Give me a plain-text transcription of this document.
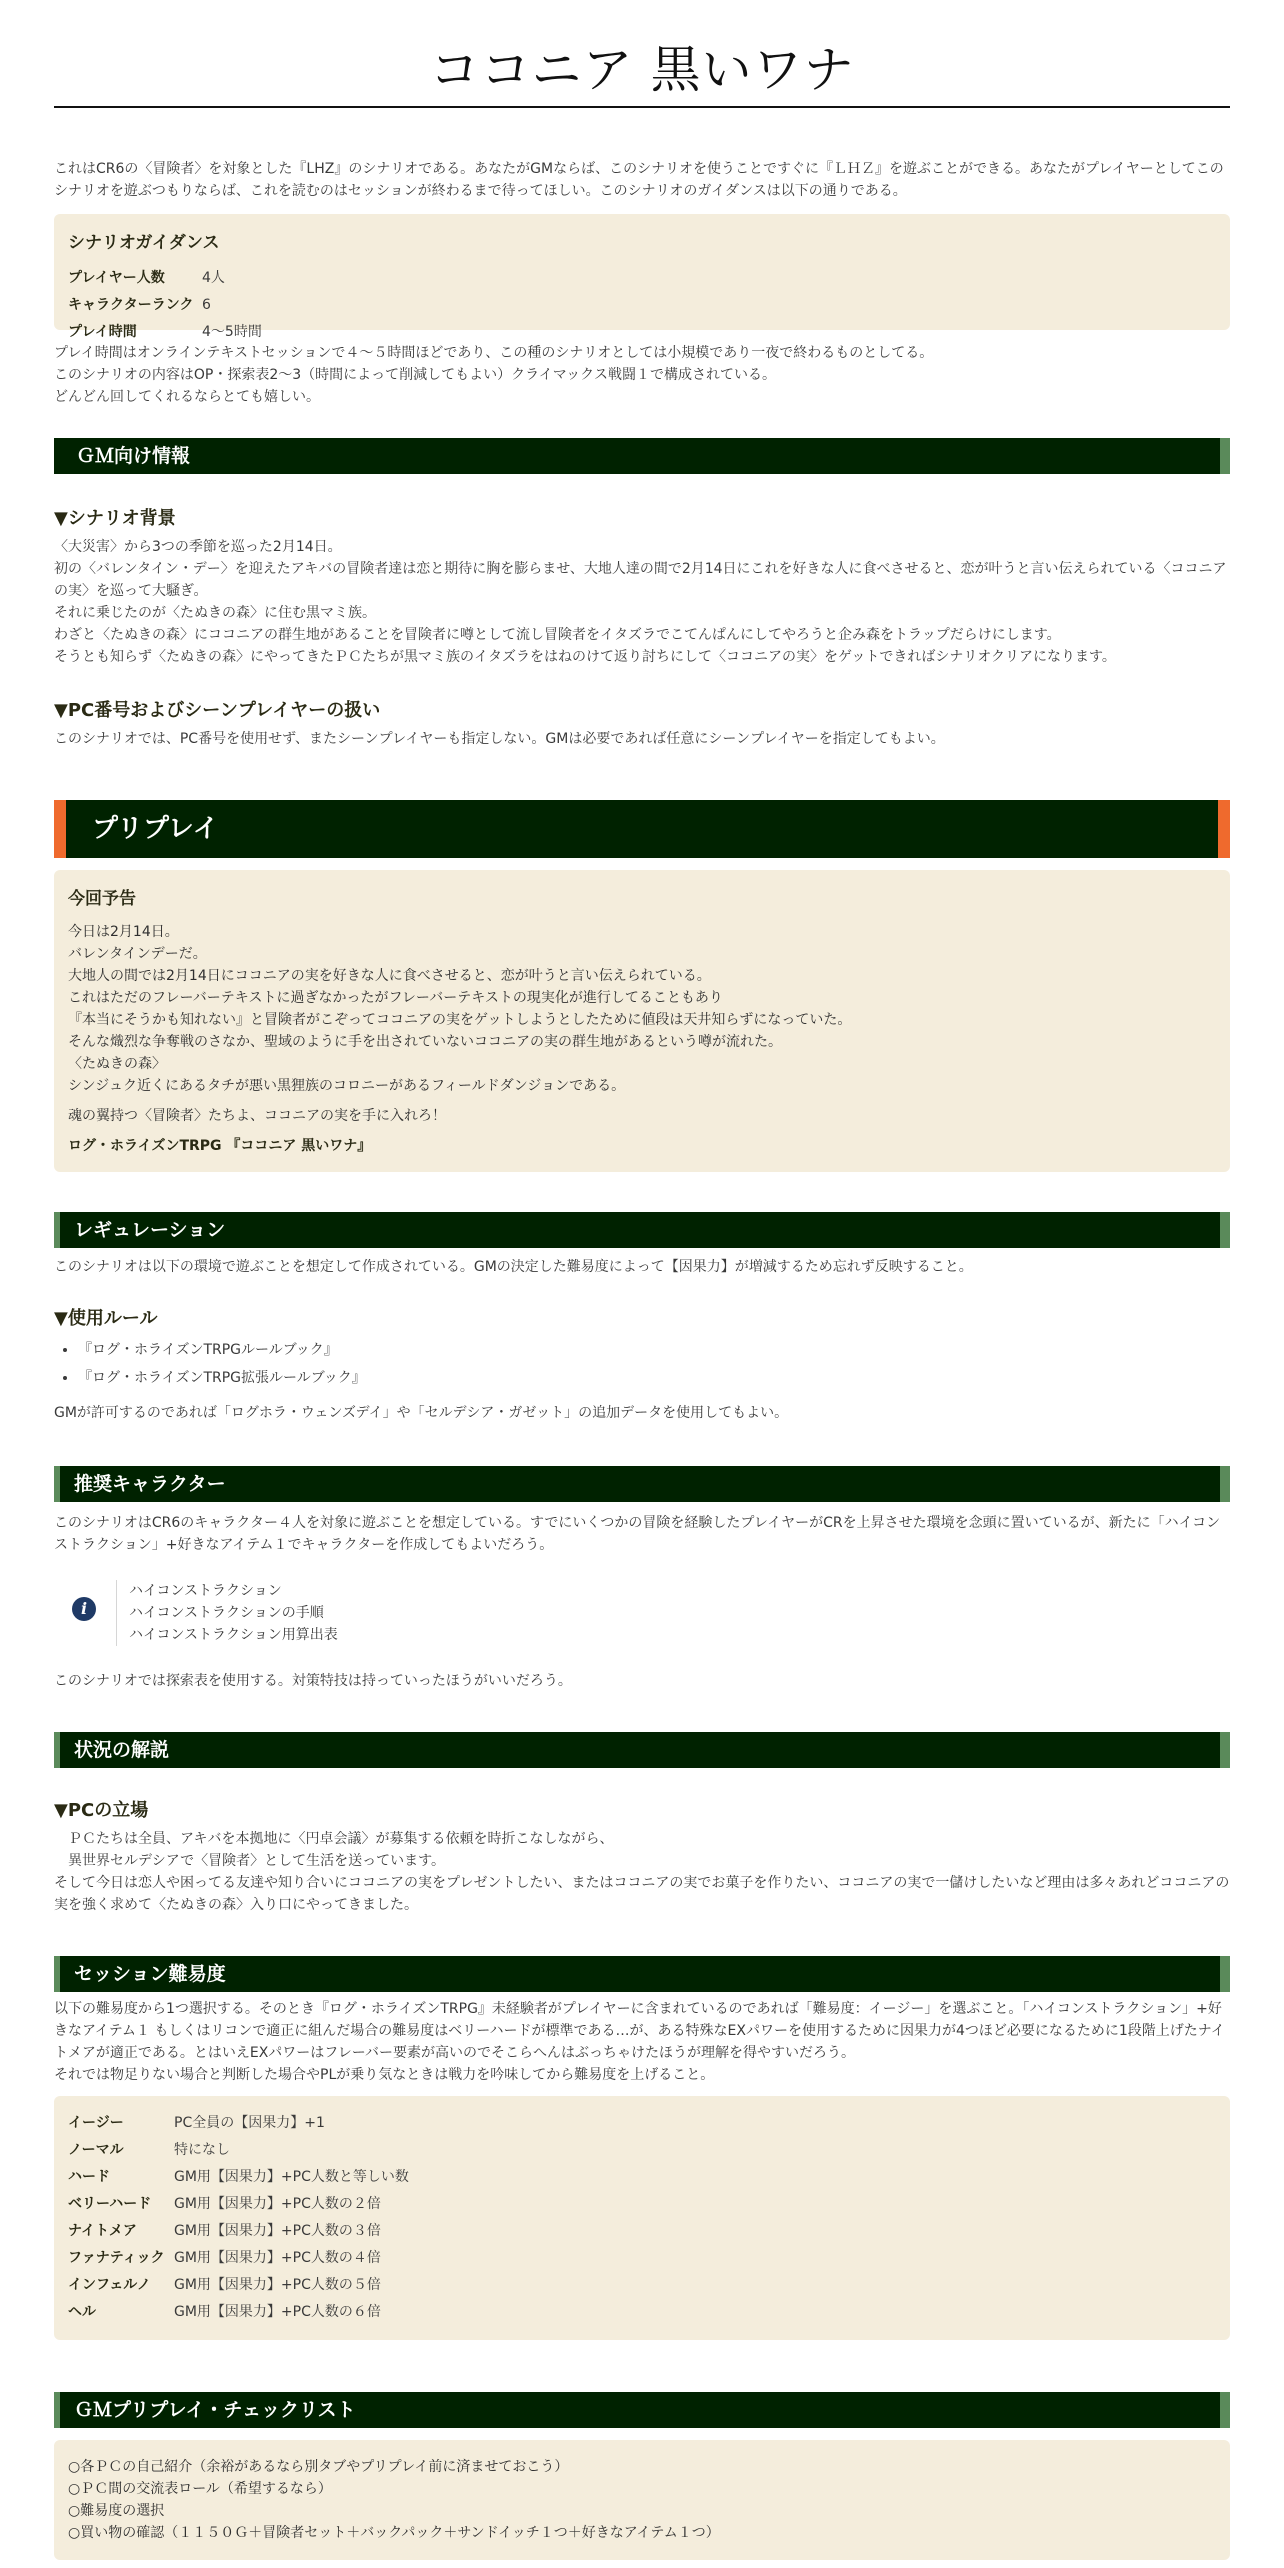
ココニア 黒いワナ

これはCR6の〈冒険者〉を対象とした『LHZ』のシナリオである。あなたがGMならば、このシナリオを使うことですぐに『ＬＨＺ』を遊ぶことができる。あなたがプレイヤーとしてこのシナリオを遊ぶつもりならば、これを読むのはセッションが終わるまで待ってほしい。このシナリオのガイダンスは以下の通りである。

シナリオガイダンス
プレイヤー人数	4人
キャラクターランク 6
プレイ時間	4～5時間

プレイ時間はオンラインテキストセッションで４～５時間ほどであり、この種のシナリオとしては小規模であり一夜で終わるものとしてる。

このシナリオの内容はOP・探索表2～3（時間によって削減してもよい）クライマックス戦闘１で構成されている。

どんどん回してくれるならとても嬉しい。

ＧＭ向け情報
▼シナリオ背景

〈大災害〉から3つの季節を巡った2月14日。

初の〈バレンタイン・デー〉を迎えたアキバの冒険者達は恋と期待に胸を膨らませ、大地人達の間で2月14日にこれを好きな人に食べさせると、恋が叶うと言い伝えられている〈ココニアの実〉を巡って大騒ぎ。

それに乗じたのが〈たぬきの森〉に住む黒マミ族。

わざと〈たぬきの森〉にココニアの群生地があることを冒険者に噂として流し冒険者をイタズラでこてんぱんにしてやろうと企み森をトラップだらけにします。

そうとも知らず〈たぬきの森〉にやってきたＰＣたちが黒マミ族のイタズラをはねのけて返り討ちにして〈ココニアの実〉をゲットできればシナリオクリアになります。

▼PC番号およびシーンプレイヤーの扱い

このシナリオでは、PC番号を使用せず、またシーンプレイヤーも指定しない。GMは必要であれば任意にシーンプレイヤーを指定してもよい。

プリプレイ
今回予告

今日は2月14日。

バレンタインデーだ。

大地人の間では2月14日にココニアの実を好きな人に食べさせると、恋が叶うと言い伝えられている。

これはただのフレーバーテキストに過ぎなかったがフレーバーテキストの現実化が進行してることもあり

『本当にそうかも知れない』と冒険者がこぞってココニアの実をゲットしようとしたために値段は天井知らずになっていた。

そんな熾烈な争奪戦のさなか、聖域のように手を出されていないココニアの実の群生地があるという噂が流れた。

〈たぬきの森〉

シンジュク近くにあるタチが悪い黒狸族のコロニーがあるフィールドダンジョンである。

魂の翼持つ〈冒険者〉たちよ、ココニアの実を手に入れろ！

ログ・ホライズンTRPG 『ココニア 黒いワナ』

レギュレーション

このシナリオは以下の環境で遊ぶことを想定して作成されている。GMの決定した難易度によって【因果力】が増減するため忘れず反映すること。

▼使用ルール
• 『ログ・ホライズンTRPGルールブック』
• 『ログ・ホライズンTRPG拡張ルールブック』

GMが許可するのであれば「ログホラ・ウェンズデイ」や「セルデシア・ガゼット」の追加データを使用してもよい。

推奨キャラクター

このシナリオはCR6のキャラクター４人を対象に遊ぶことを想定している。すでにいくつかの冒険を経験したプレイヤーがCRを上昇させた環境を念頭に置いているが、新たに「ハイコンストラクション」+好きなアイテム１でキャラクターを作成してもよいだろう。

i
ハイコンストラクション
ハイコンストラクションの手順
ハイコンストラクション用算出表

このシナリオでは探索表を使用する。対策特技は持っていったほうがいいだろう。

状況の解説
▼PCの立場

　ＰＣたちは全員、アキバを本拠地に〈円卓会議〉が募集する依頼を時折こなしながら、

　異世界セルデシアで〈冒険者〉として生活を送っています。

そして今日は恋人や困ってる友達や知り合いにココニアの実をプレゼントしたい、またはココニアの実でお菓子を作りたい、ココニアの実で一儲けしたいなど理由は多々あれどココニアの実を強く求めて〈たぬきの森〉入り口にやってきました。

セッション難易度

以下の難易度から1つ選択する。そのとき『ログ・ホライズンTRPG』未経験者がプレイヤーに含まれているのであれば「難易度：イージー」を選ぶこと。「ハイコンストラクション」+好きなアイテム１ もしくはリコンで適正に組んだ場合の難易度はベリーハードが標準である…が、ある特殊なEXパワーを使用するために因果力が4つほど必要になるために1段階上げたナイトメアが適正である。とはいえEXパワーはフレーバー要素が高いのでそこらへんはぶっちゃけたほうが理解を得やすいだろう。

それでは物足りない場合と判断した場合やPLが乗り気なときは戦力を吟味してから難易度を上げること。

イージー	PC全員の【因果力】+1
ノーマル	特になし
ハード	GM用【因果力】+PC人数と等しい数
ベリーハード	GM用【因果力】+PC人数の２倍
ナイトメア	GM用【因果力】+PC人数の３倍
ファナティック GM用【因果力】+PC人数の４倍
インフェルノ	GM用【因果力】+PC人数の５倍
ヘル	GM用【因果力】+PC人数の６倍
ＧＭプリプレイ・チェックリスト
○各ＰＣの自己紹介（余裕があるなら別タブやプリプレイ前に済ませておこう）
○ＰＣ間の交流表ロール（希望するなら）
○難易度の選択
○買い物の確認（１１５０Ｇ＋冒険者セット＋バックパック＋サンドイッチ１つ＋好きなアイテム１つ）
